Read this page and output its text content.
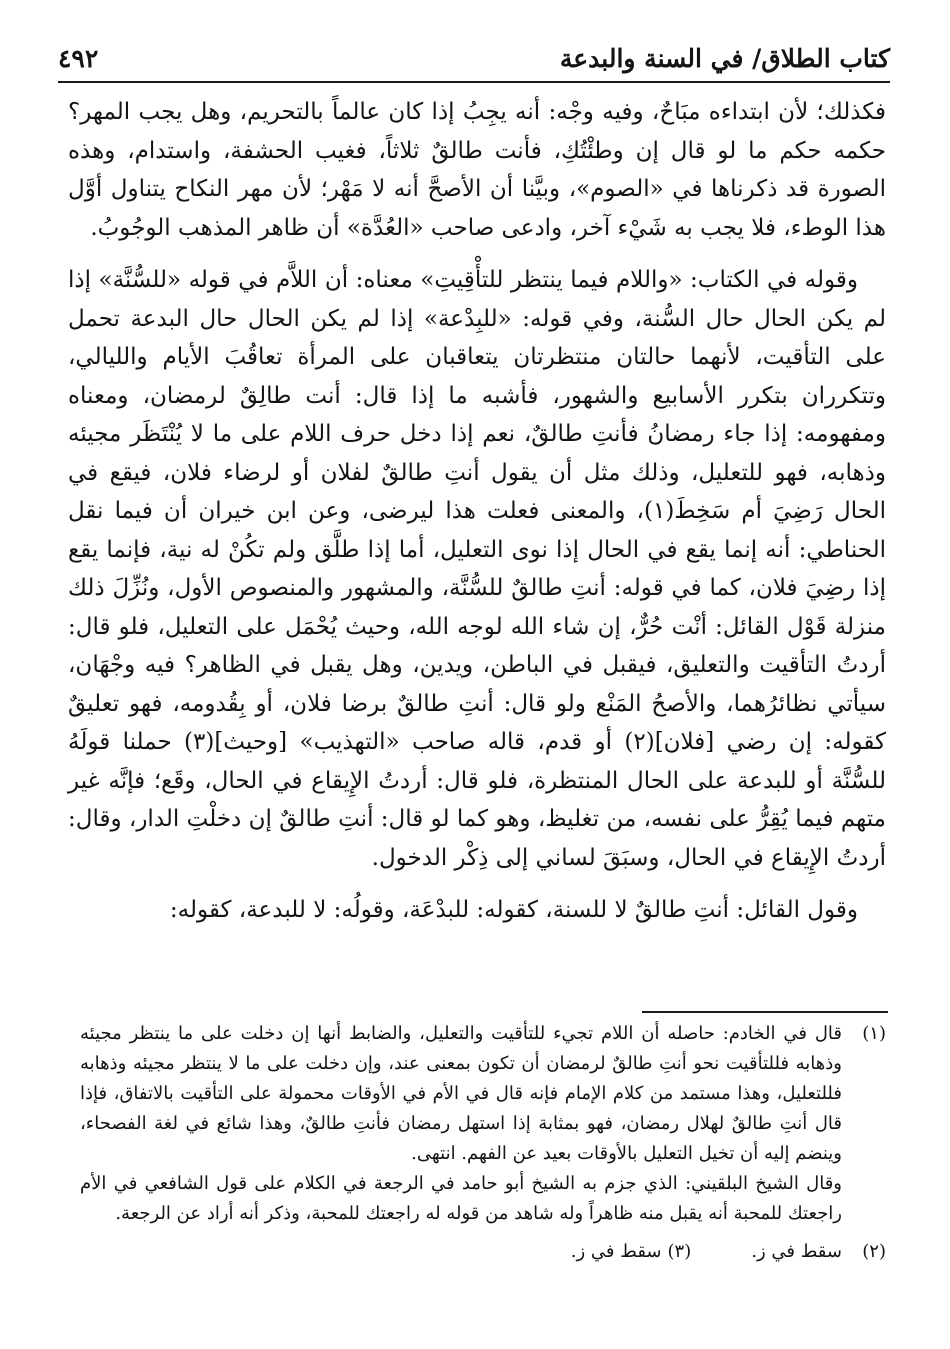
كتاب الطلاق/ في السنة والبدعة
٤٩٢

فكذلك؛ لأن ابتداءه مبَاحٌ، وفيه وجْه: أنه يجِبُ إذا كان عالماً بالتحريم، وهل يجب المهر؟ حكمه حكم ما لو قال إن وطئْتُكِ، فأنت طالقٌ ثلاثاً، فغيب الحشفة، واستدام، وهذه الصورة قد ذكرناها في «الصوم»، وبيَّنا أن الأصحَّ أنه لا مَهْر؛ لأن مهر النكاح يتناول أوَّل هذا الوطء، فلا يجب به شَيْء آخر، وادعى صاحب «العُدَّة» أن ظاهر المذهب الوجُوبُ.

وقوله في الكتاب: «واللام فيما ينتظر للتأْقِيتِ» معناه: أن اللاَّم في قوله «للسُّنَّة» إذا لم يكن الحال حال السُّنة، وفي قوله: «للبِدْعة» إذا لم يكن الحال حال البدعة تحمل على التأقيت، لأنهما حالتان منتظرتان يتعاقبان على المرأة تعاقُبَ الأيام والليالي، وتتكرران بتكرر الأسابيع والشهور، فأشبه ما إذا قال: أنت طالِقٌ لرمضان، ومعناه ومفهومه: إذا جاء رمضانُ فأنتِ طالقٌ، نعم إذا دخل حرف اللام على ما لا يُنْتَظَر مجيئه وذهابه، فهو للتعليل، وذلك مثل أن يقول أنتِ طالقٌ لفلان أو لرضاء فلان، فيقع في الحال رَضِيَ أم سَخِطَ(١)، والمعنى فعلت هذا ليرضى، وعن ابن خيران أن فيما نقل الحناطي: أنه إنما يقع في الحال إذا نوى التعليل، أما إذا طلَّق ولم تكُنْ له نية، فإنما يقع إذا رضِيَ فلان، كما في قوله: أنتِ طالقٌ للسُّنَّة، والمشهور والمنصوص الأول، ونُزِّلَ ذلك منزلة قَوْل القائل: أنْت حُرٌّ، إن شاء الله لوجه الله، وحيث يُحْمَل على التعليل، فلو قال: أردتُ التأقيت والتعليق، فيقبل في الباطن، ويدين، وهل يقبل في الظاهر؟ فيه وجْهَان، سيأتي نظائرُهما، والأصحُ المَنْع ولو قال: أنتِ طالقٌ برضا فلان، أو بِقُدومه، فهو تعليقٌ كقوله: إن رضي [فلان](٢) أو قدم، قاله صاحب «التهذيب» [وحيث](٣) حملنا قولَهُ للسُّنَّة أو للبدعة على الحال المنتظرة، فلو قال: أردتُ الإِيقاع في الحال، وقَع؛ فإنَّه غير متهم فيما يُقِرُّ على نفسه، من تغليظ، وهو كما لو قال: أنتِ طالقٌ إن دخلْتِ الدار، وقال: أردتُ الإِيقاع في الحال، وسبَقَ لساني إلى ذِكْر الدخول.

وقول القائل: أنتِ طالقٌ لا للسنة، كقوله: للبدْعَة، وقولُه: لا للبدعة، كقوله:

(١)

قال في الخادم: حاصله أن اللام تجيء للتأقيت والتعليل، والضابط أنها إن دخلت على ما ينتظر مجيئه وذهابه فللتأقيت نحو أنتِ طالقٌ لرمضان أن تكون بمعنى عند، وإن دخلت على ما لا ينتظر مجيئه وذهابه فللتعليل، وهذا مستمد من كلام الإمام فإنه قال في الأم في الأوقات محمولة على التأقيت بالاتفاق، فإذا قال أنتِ طالقٌ لهلال رمضان، فهو بمثابة إذا استهل رمضان فأنتِ طالقٌ، وهذا شائع في لغة الفصحاء، وينضم إليه أن تخيل التعليل بالأوقات بعيد عن الفهم. انتهى.

وقال الشيخ البلقيني: الذي جزم به الشيخ أبو حامد في الرجعة في الكلام على قول الشافعي في الأم راجعتك للمحبة أنه يقبل منه ظاهراً وله شاهد من قوله له راجعتك للمحبة، وذكر أنه أراد عن الرجعة.

(٢)
سقط في ز.
(٣)
سقط في ز.
